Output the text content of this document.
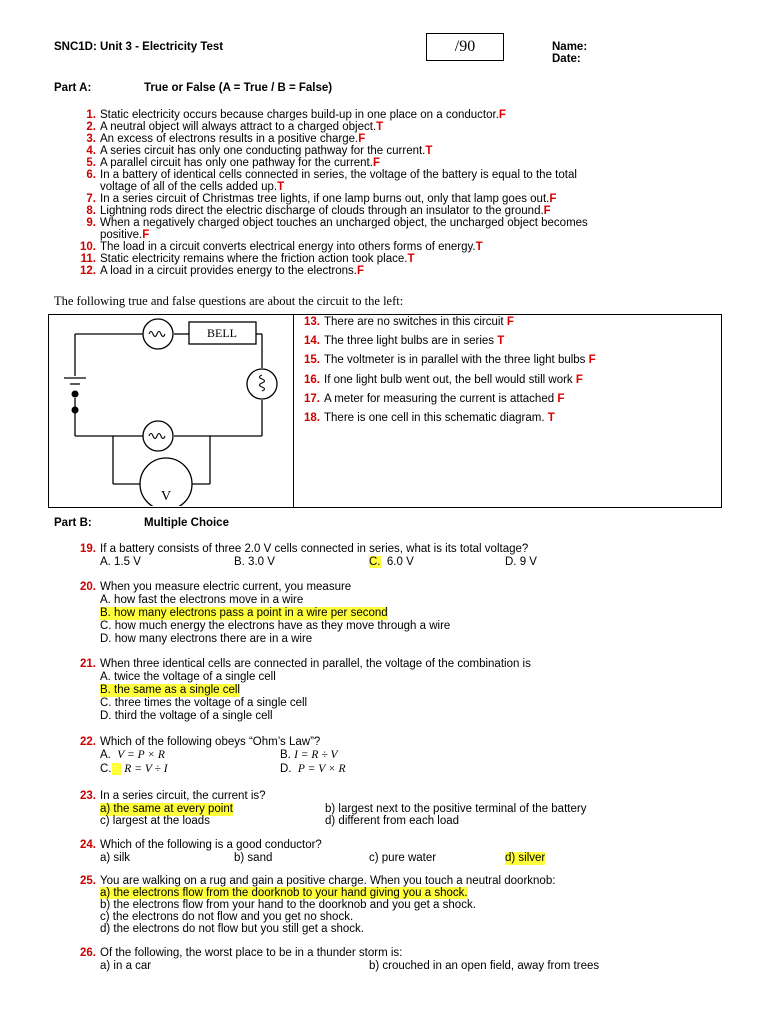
SNC1D: Unit 3 - Electricity Test	/90	Name:
Date:
Part A:	True or False (A = True / B = False)
1. Static electricity occurs because charges build-up in one place on a conductor.F
2. A neutral object will always attract to a charged object.T
3. An excess of electrons results in a positive charge.F
4. A series circuit has only one conducting pathway for the current.T
5. A parallel circuit has only one pathway for the current.F
6. In a battery of identical cells connected in series, the voltage of the battery is equal to the total
voltage of all of the cells added up.T
7. In a series circuit of Christmas tree lights, if one lamp burns out, only that lamp goes out.F
8. Lightning rods direct the electric discharge of clouds through an insulator to the ground.F
9. When a negatively charged object touches an uncharged object, the uncharged object becomes
positive.F
10. The load in a circuit converts electrical energy into others forms of energy.T
11. Static electricity remains where the friction action took place.T
12. A load in a circuit provides energy to the electrons.F
The following true and false questions are about the circuit to the left:
BELL
V
13. There are no switches in this circuit F
14. The three light bulbs are in series T
15. The voltmeter is in parallel with the three light bulbs F
16. If one light bulb went out, the bell would still work F
17. A meter for measuring the current is attached F
18. There is one cell in this schematic diagram. T
Part B:	Multiple Choice
19. If a battery consists of three 2.0 V cells connected in series, what is its total voltage?
A. 1.5 V	B. 3.0 V	C. 6.0 V	D. 9 V
20. When you measure electric current, you measure
A. how fast the electrons move in a wire
B. how many electrons pass a point in a wire per second
C. how much energy the electrons have as they move through a wire
D. how many electrons there are in a wire
21. When three identical cells are connected in parallel, the voltage of the combination is
A. twice the voltage of a single cell
B. the same as a single cell
C. three times the voltage of a single cell
D. third the voltage of a single cell
22. Which of the following obeys “Ohm’s Law”?
A. V = P × R	B. I = R ÷ V
C. R = V ÷ I	D. P = V × R
23. In a series circuit, the current is?
a) the same at every point	b) largest next to the positive terminal of the battery
c) largest at the loads	d) different from each load
24. Which of the following is a good conductor?
a) silk	b) sand	c) pure water	d) silver
25. You are walking on a rug and gain a positive charge. When you touch a neutral doorknob:
a) the electrons flow from the doorknob to your hand giving you a shock.
b) the electrons flow from your hand to the doorknob and you get a shock.
c) the electrons do not flow and you get no shock.
d) the electrons do not flow but you still get a shock.
26. Of the following, the worst place to be in a thunder storm is:
a) in a car	b) crouched in an open field, away from trees
